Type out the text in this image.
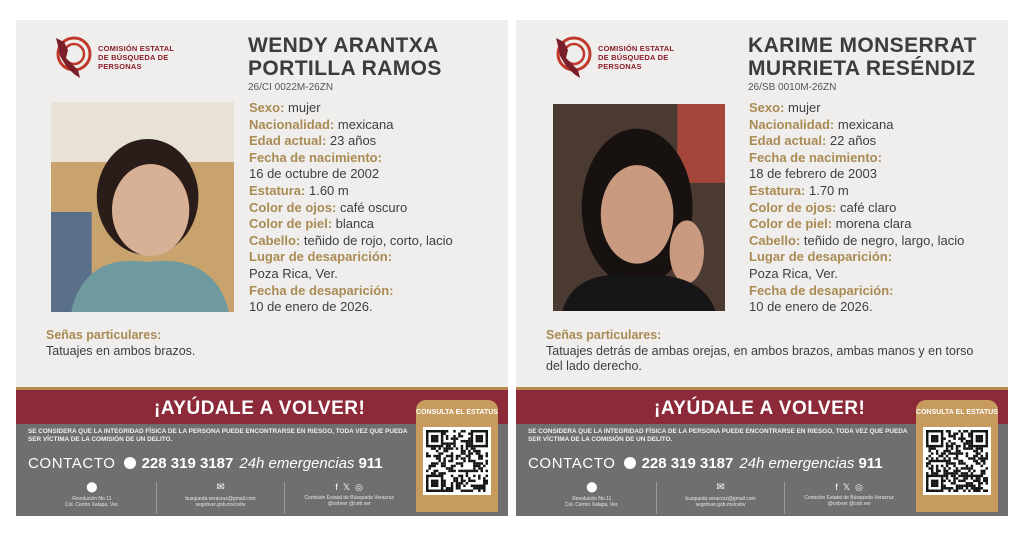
COMISIÓN ESTATAL
DE BÚSQUEDA DE
PERSONAS
WENDY ARANTXA
PORTILLA RAMOS
26/CI 0022M-26ZN
Sexo: mujer
Nacionalidad: mexicana
Edad actual: 23 años
Fecha de nacimiento:
16 de octubre de 2002
Estatura: 1.60 m
Color de ojos: café oscuro
Color de piel: blanca
Cabello: teñido de rojo, corto, lacio
Lugar de desaparición:
Poza Rica, Ver.
Fecha de desaparición:
10 de enero de 2026.
Señas particulares:
Tatuajes en ambos brazos.
¡AYÚDALE A VOLVER!
SE CONSIDERA QUE LA INTEGRIDAD FÍSICA DE LA PERSONA PUEDE ENCONTRARSE EN RIESGO, TODA VEZ QUE PUEDA SER VÍCTIMA DE LA COMISIÓN DE UN DELITO.
CONTACTO 228 319 3187 24h emergencias 911
⬤
Revolución No.11
Col. Centro Xalapa, Ver.
✉
busqueda.veracruz@gmail.com
segobver.gob.mx/cebv
f 𝕏 ◎
Comisión Estatal de Búsqueda Veracruz
@cebver @ceb.ver
CONSULTA EL ESTATUS
COMISIÓN ESTATAL
DE BÚSQUEDA DE
PERSONAS
KARIME MONSERRAT
MURRIETA RESÉNDIZ
26/SB 0010M-26ZN
Sexo: mujer
Nacionalidad: mexicana
Edad actual: 22 años
Fecha de nacimiento:
18 de febrero de 2003
Estatura: 1.70 m
Color de ojos: café claro
Color de piel: morena clara
Cabello: teñido de negro, largo, lacio
Lugar de desaparición:
Poza Rica, Ver.
Fecha de desaparición:
10 de enero de 2026.
Señas particulares:
Tatuajes detrás de ambas orejas, en ambos brazos, ambas manos y en torso del lado derecho.
¡AYÚDALE A VOLVER!
SE CONSIDERA QUE LA INTEGRIDAD FÍSICA DE LA PERSONA PUEDE ENCONTRARSE EN RIESGO, TODA VEZ QUE PUEDA SER VÍCTIMA DE LA COMISIÓN DE UN DELITO.
CONTACTO 228 319 3187 24h emergencias 911
⬤
Revolución No.11
Col. Centro Xalapa, Ver.
✉
busqueda.veracruz@gmail.com
segobver.gob.mx/cebv
f 𝕏 ◎
Comisión Estatal de Búsqueda Veracruz
@cebver @ceb.ver
CONSULTA EL ESTATUS
